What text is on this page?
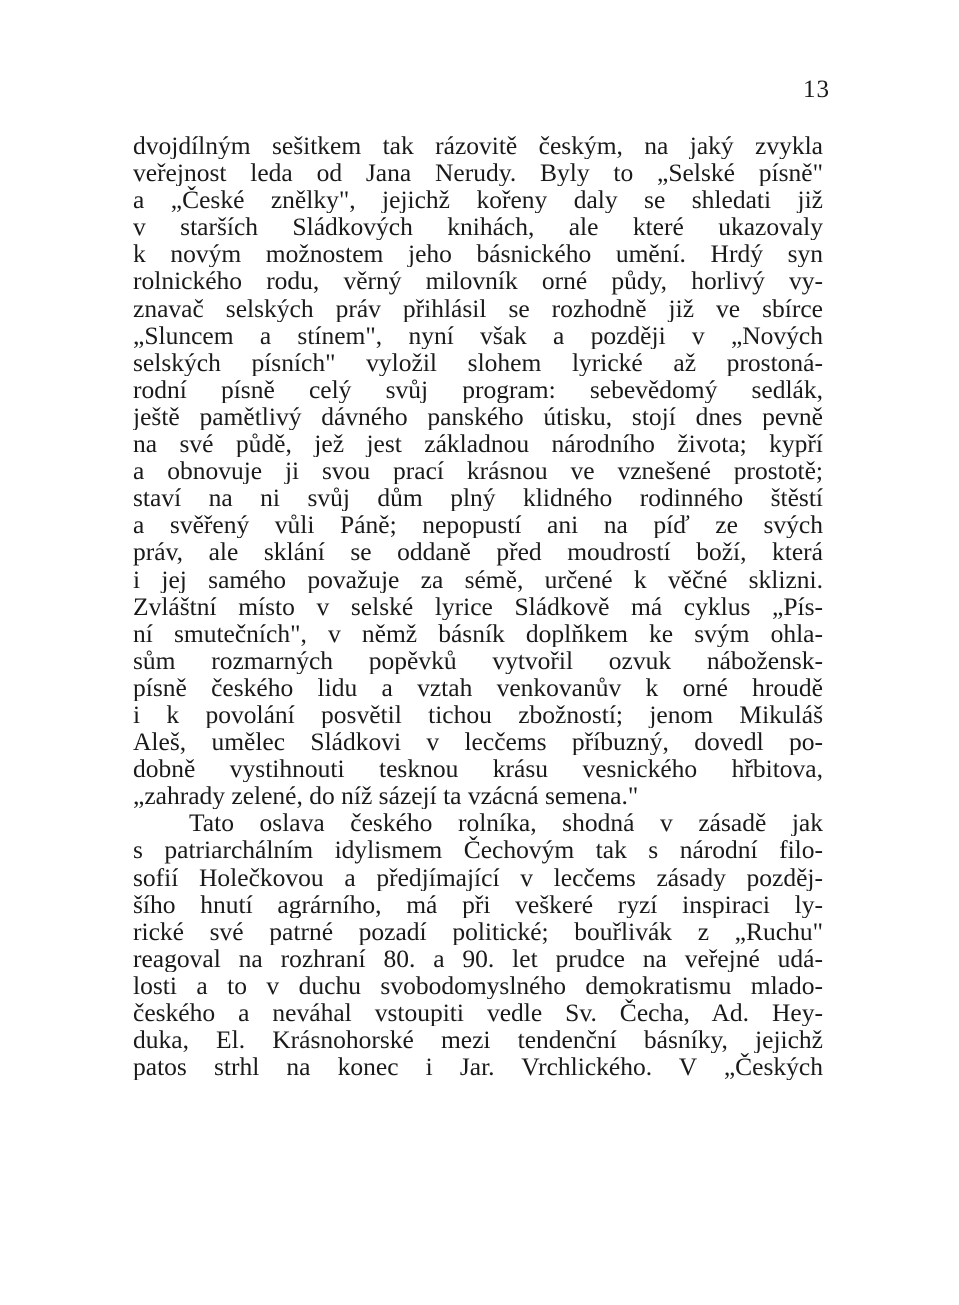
13
dvojdílným sešitkem tak rázovitě českým, na jaký zvykla
veřejnost leda od Jana Nerudy. Byly to „Selské písně"
a „České znělky", jejichž kořeny daly se shledati již
v starších Sládkových knihách, ale které ukazovaly
k novým možnostem jeho básnického umění. Hrdý syn
rolnického rodu, věrný milovník orné půdy, horlivý vy-
znavač selských práv přihlásil se rozhodně již ve sbírce
„Sluncem a stínem", nyní však a později v „Nových
selských písních" vyložil slohem lyrické až prostoná-
rodní písně celý svůj program: sebevědomý sedlák,
ještě pamětlivý dávného panského útisku, stojí dnes pevně
na své půdě, jež jest základnou národního života; kypří
a obnovuje ji svou prací krásnou ve vznešené prostotě;
staví na ni svůj dům plný klidného rodinného štěstí
a svěřený vůli Páně; nepopustí ani na píď ze svých
práv, ale sklání se oddaně před moudrostí boží, která
i jej samého považuje za sémě, určené k věčné sklizni.
Zvláštní místo v selské lyrice Sládkově má cyklus „Pís-
ní smutečních", v němž básník doplňkem ke svým ohla-
sům rozmarných popěvků vytvořil ozvuk nábožensk-
písně českého lidu a vztah venkovanův k orné hroudě
i k povolání posvětil tichou zbožností; jenom Mikuláš
Aleš, umělec Sládkovi v lecčems příbuzný, dovedl po-
dobně vystihnouti tesknou krásu vesnického hřbitova,
„zahrady zelené, do níž sázejí ta vzácná semena."
Tato oslava českého rolníka, shodná v zásadě jak
s patriarchálním idylismem Čechovým tak s národní filo-
sofií Holečkovou a předjímající v lecčems zásady pozděj-
šího hnutí agrárního, má při veškeré ryzí inspiraci ly-
rické své patrné pozadí politické; bouřlivák z „Ruchu"
reagoval na rozhraní 80. a 90. let prudce na veřejné udá-
losti a to v duchu svobodomyslného demokratismu mlado-
českého a neváhal vstoupiti vedle Sv. Čecha, Ad. Hey-
duka, El. Krásnohorské mezi tendenční básníky, jejichž
patos strhl na konec i Jar. Vrchlického. V „Českých
